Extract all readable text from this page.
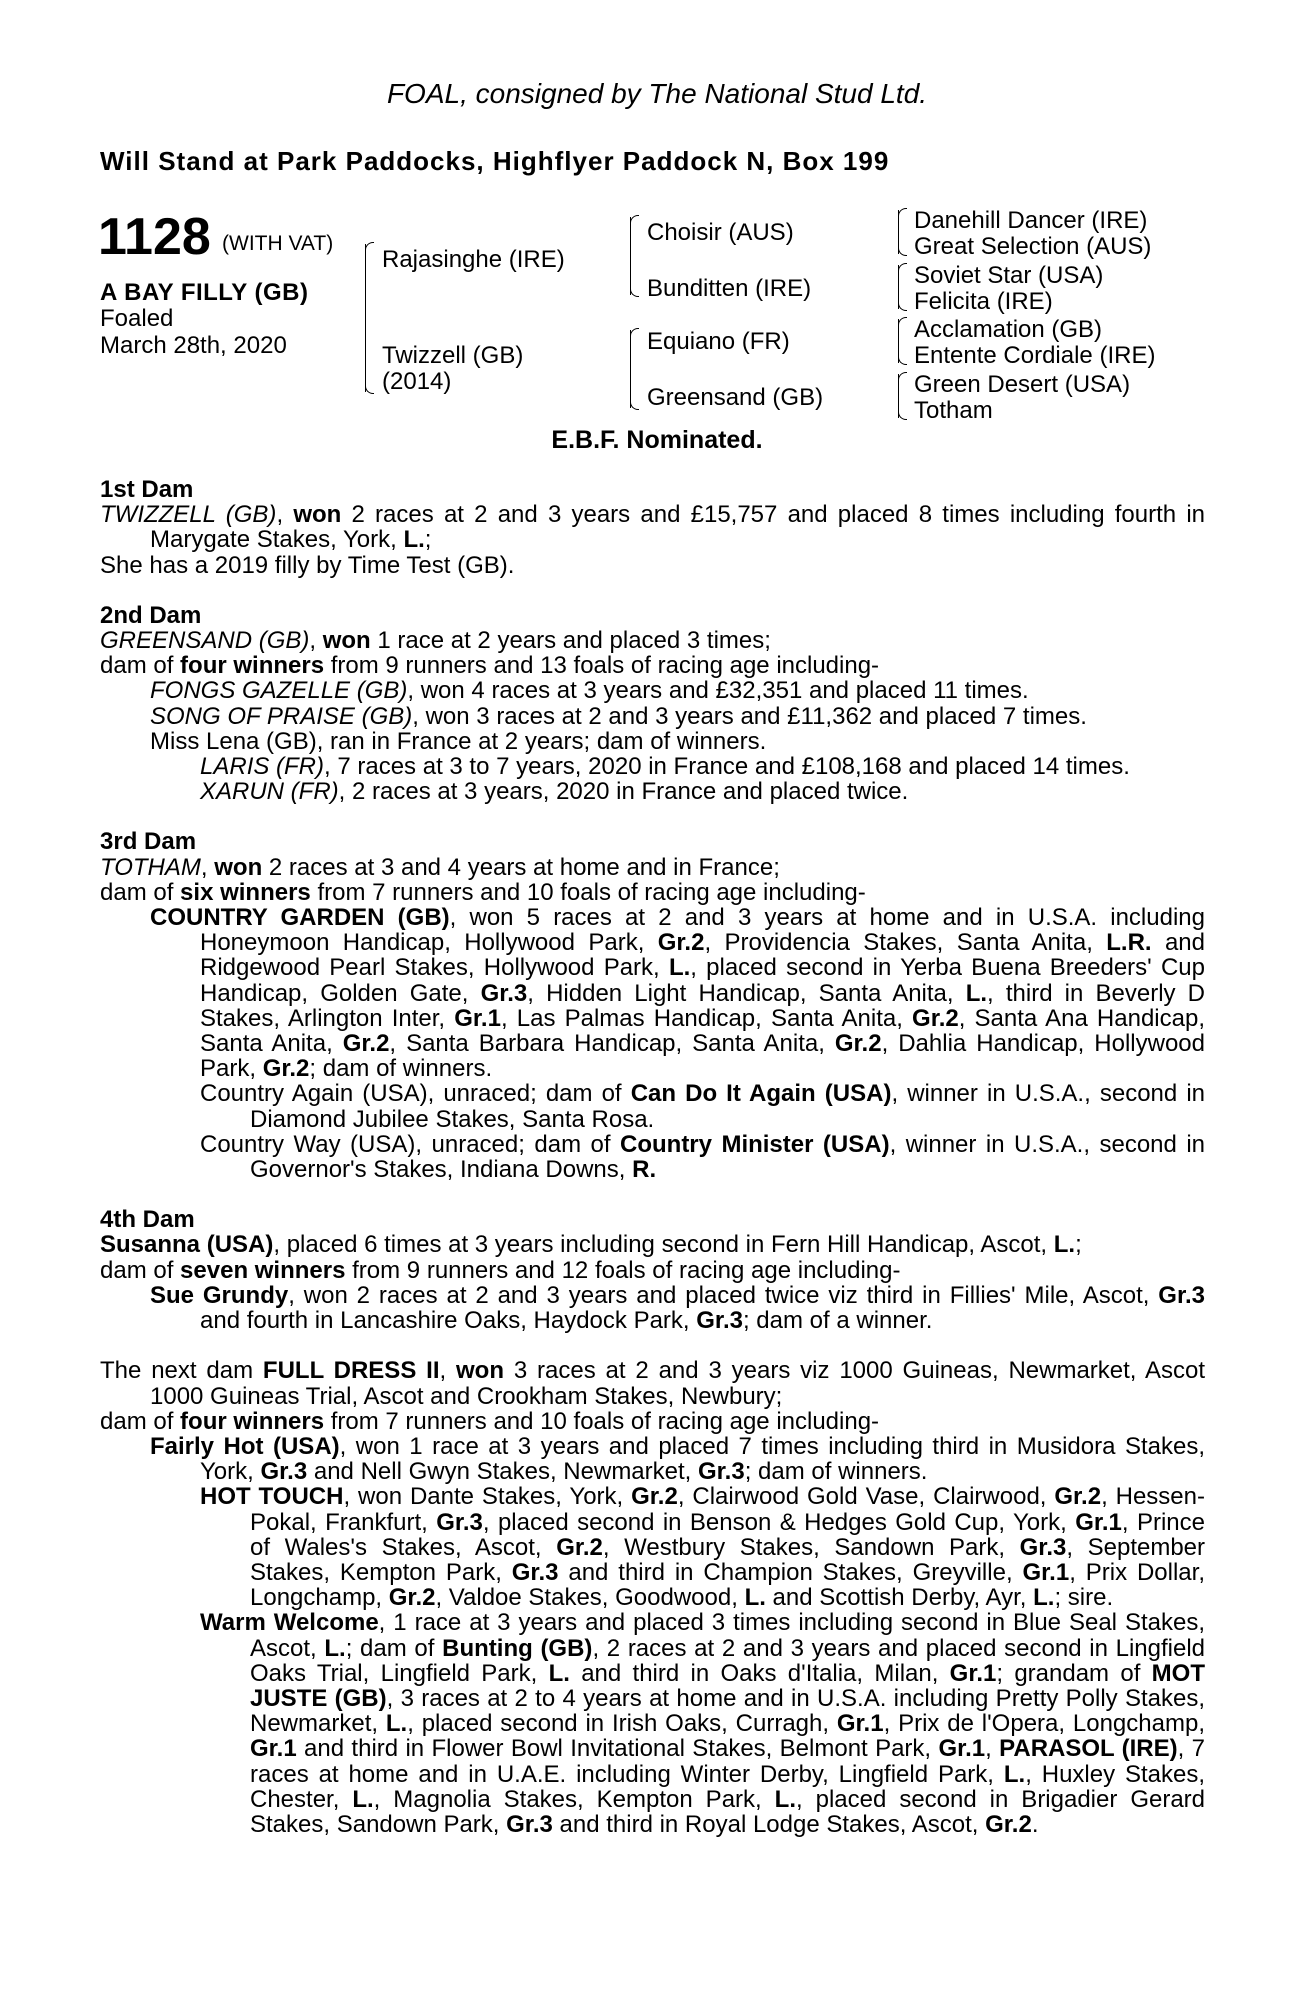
FOAL, consigned by The National Stud Ltd.
Will Stand at Park Paddocks, Highflyer Paddock N, Box 199
1128 (WITH VAT)
A BAY FILLY (GB)
Foaled
March 28th, 2020
Rajasinghe (IRE)
Twizzell (GB)
(2014)
Choisir (AUS)
Bunditten (IRE)
Equiano (FR)
Greensand (GB)
Danehill Dancer (IRE)
Great Selection (AUS)
Soviet Star (USA)
Felicita (IRE)
Acclamation (GB)
Entente Cordiale (IRE)
Green Desert (USA)
Totham
E.B.F. Nominated.
1st Dam

TWIZZELL (GB), won 2 races at 2 and 3 years and £15,757 and placed 8 times including fourth in Marygate Stakes, York, L.;

She has a 2019 filly by Time Test (GB).

2nd Dam

GREENSAND (GB), won 1 race at 2 years and placed 3 times;

dam of four winners from 9 runners and 13 foals of racing age including-

FONGS GAZELLE (GB), won 4 races at 3 years and £32,351 and placed 11 times.

SONG OF PRAISE (GB), won 3 races at 2 and 3 years and £11,362 and placed 7 times.

Miss Lena (GB), ran in France at 2 years; dam of winners.

LARIS (FR), 7 races at 3 to 7 years, 2020 in France and £108,168 and placed 14 times.

XARUN (FR), 2 races at 3 years, 2020 in France and placed twice.

3rd Dam

TOTHAM, won 2 races at 3 and 4 years at home and in France;

dam of six winners from 7 runners and 10 foals of racing age including-

COUNTRY GARDEN (GB), won 5 races at 2 and 3 years at home and in U.S.A. including Honeymoon Handicap, Hollywood Park, Gr.2, Providencia Stakes, Santa Anita, L.R. and Ridgewood Pearl Stakes, Hollywood Park, L., placed second in Yerba Buena Breeders' Cup Handicap, Golden Gate, Gr.3, Hidden Light Handicap, Santa Anita, L., third in Beverly D Stakes, Arlington Inter, Gr.1, Las Palmas Handicap, Santa Anita, Gr.2, Santa Ana Handicap, Santa Anita, Gr.2, Santa Barbara Handicap, Santa Anita, Gr.2, Dahlia Handicap, Hollywood Park, Gr.2; dam of winners.

Country Again (USA), unraced; dam of Can Do It Again (USA), winner in U.S.A., second in Diamond Jubilee Stakes, Santa Rosa.

Country Way (USA), unraced; dam of Country Minister (USA), winner in U.S.A., second in Governor's Stakes, Indiana Downs, R.

4th Dam

Susanna (USA), placed 6 times at 3 years including second in Fern Hill Handicap, Ascot, L.;

dam of seven winners from 9 runners and 12 foals of racing age including-

Sue Grundy, won 2 races at 2 and 3 years and placed twice viz third in Fillies' Mile, Ascot, Gr.3 and fourth in Lancashire Oaks, Haydock Park, Gr.3; dam of a winner.

The next dam FULL DRESS II, won 3 races at 2 and 3 years viz 1000 Guineas, Newmarket, Ascot 1000 Guineas Trial, Ascot and Crookham Stakes, Newbury;

dam of four winners from 7 runners and 10 foals of racing age including-

Fairly Hot (USA), won 1 race at 3 years and placed 7 times including third in Musidora Stakes, York, Gr.3 and Nell Gwyn Stakes, Newmarket, Gr.3; dam of winners.

HOT TOUCH, won Dante Stakes, York, Gr.2, Clairwood Gold Vase, Clairwood, Gr.2, Hessen-Pokal, Frankfurt, Gr.3, placed second in Benson & Hedges Gold Cup, York, Gr.1, Prince of Wales's Stakes, Ascot, Gr.2, Westbury Stakes, Sandown Park, Gr.3, September Stakes, Kempton Park, Gr.3 and third in Champion Stakes, Greyville, Gr.1, Prix Dollar, Longchamp, Gr.2, Valdoe Stakes, Goodwood, L. and Scottish Derby, Ayr, L.; sire.

Warm Welcome, 1 race at 3 years and placed 3 times including second in Blue Seal Stakes, Ascot, L.; dam of Bunting (GB), 2 races at 2 and 3 years and placed second in Lingfield Oaks Trial, Lingfield Park, L. and third in Oaks d'Italia, Milan, Gr.1; grandam of MOT JUSTE (GB), 3 races at 2 to 4 years at home and in U.S.A. including Pretty Polly Stakes, Newmarket, L., placed second in Irish Oaks, Curragh, Gr.1, Prix de l'Opera, Longchamp, Gr.1 and third in Flower Bowl Invitational Stakes, Belmont Park, Gr.1, PARASOL (IRE), 7 races at home and in U.A.E. including Winter Derby, Lingfield Park, L., Huxley Stakes, Chester, L., Magnolia Stakes, Kempton Park, L., placed second in Brigadier Gerard Stakes, Sandown Park, Gr.3 and third in Royal Lodge Stakes, Ascot, Gr.2.
